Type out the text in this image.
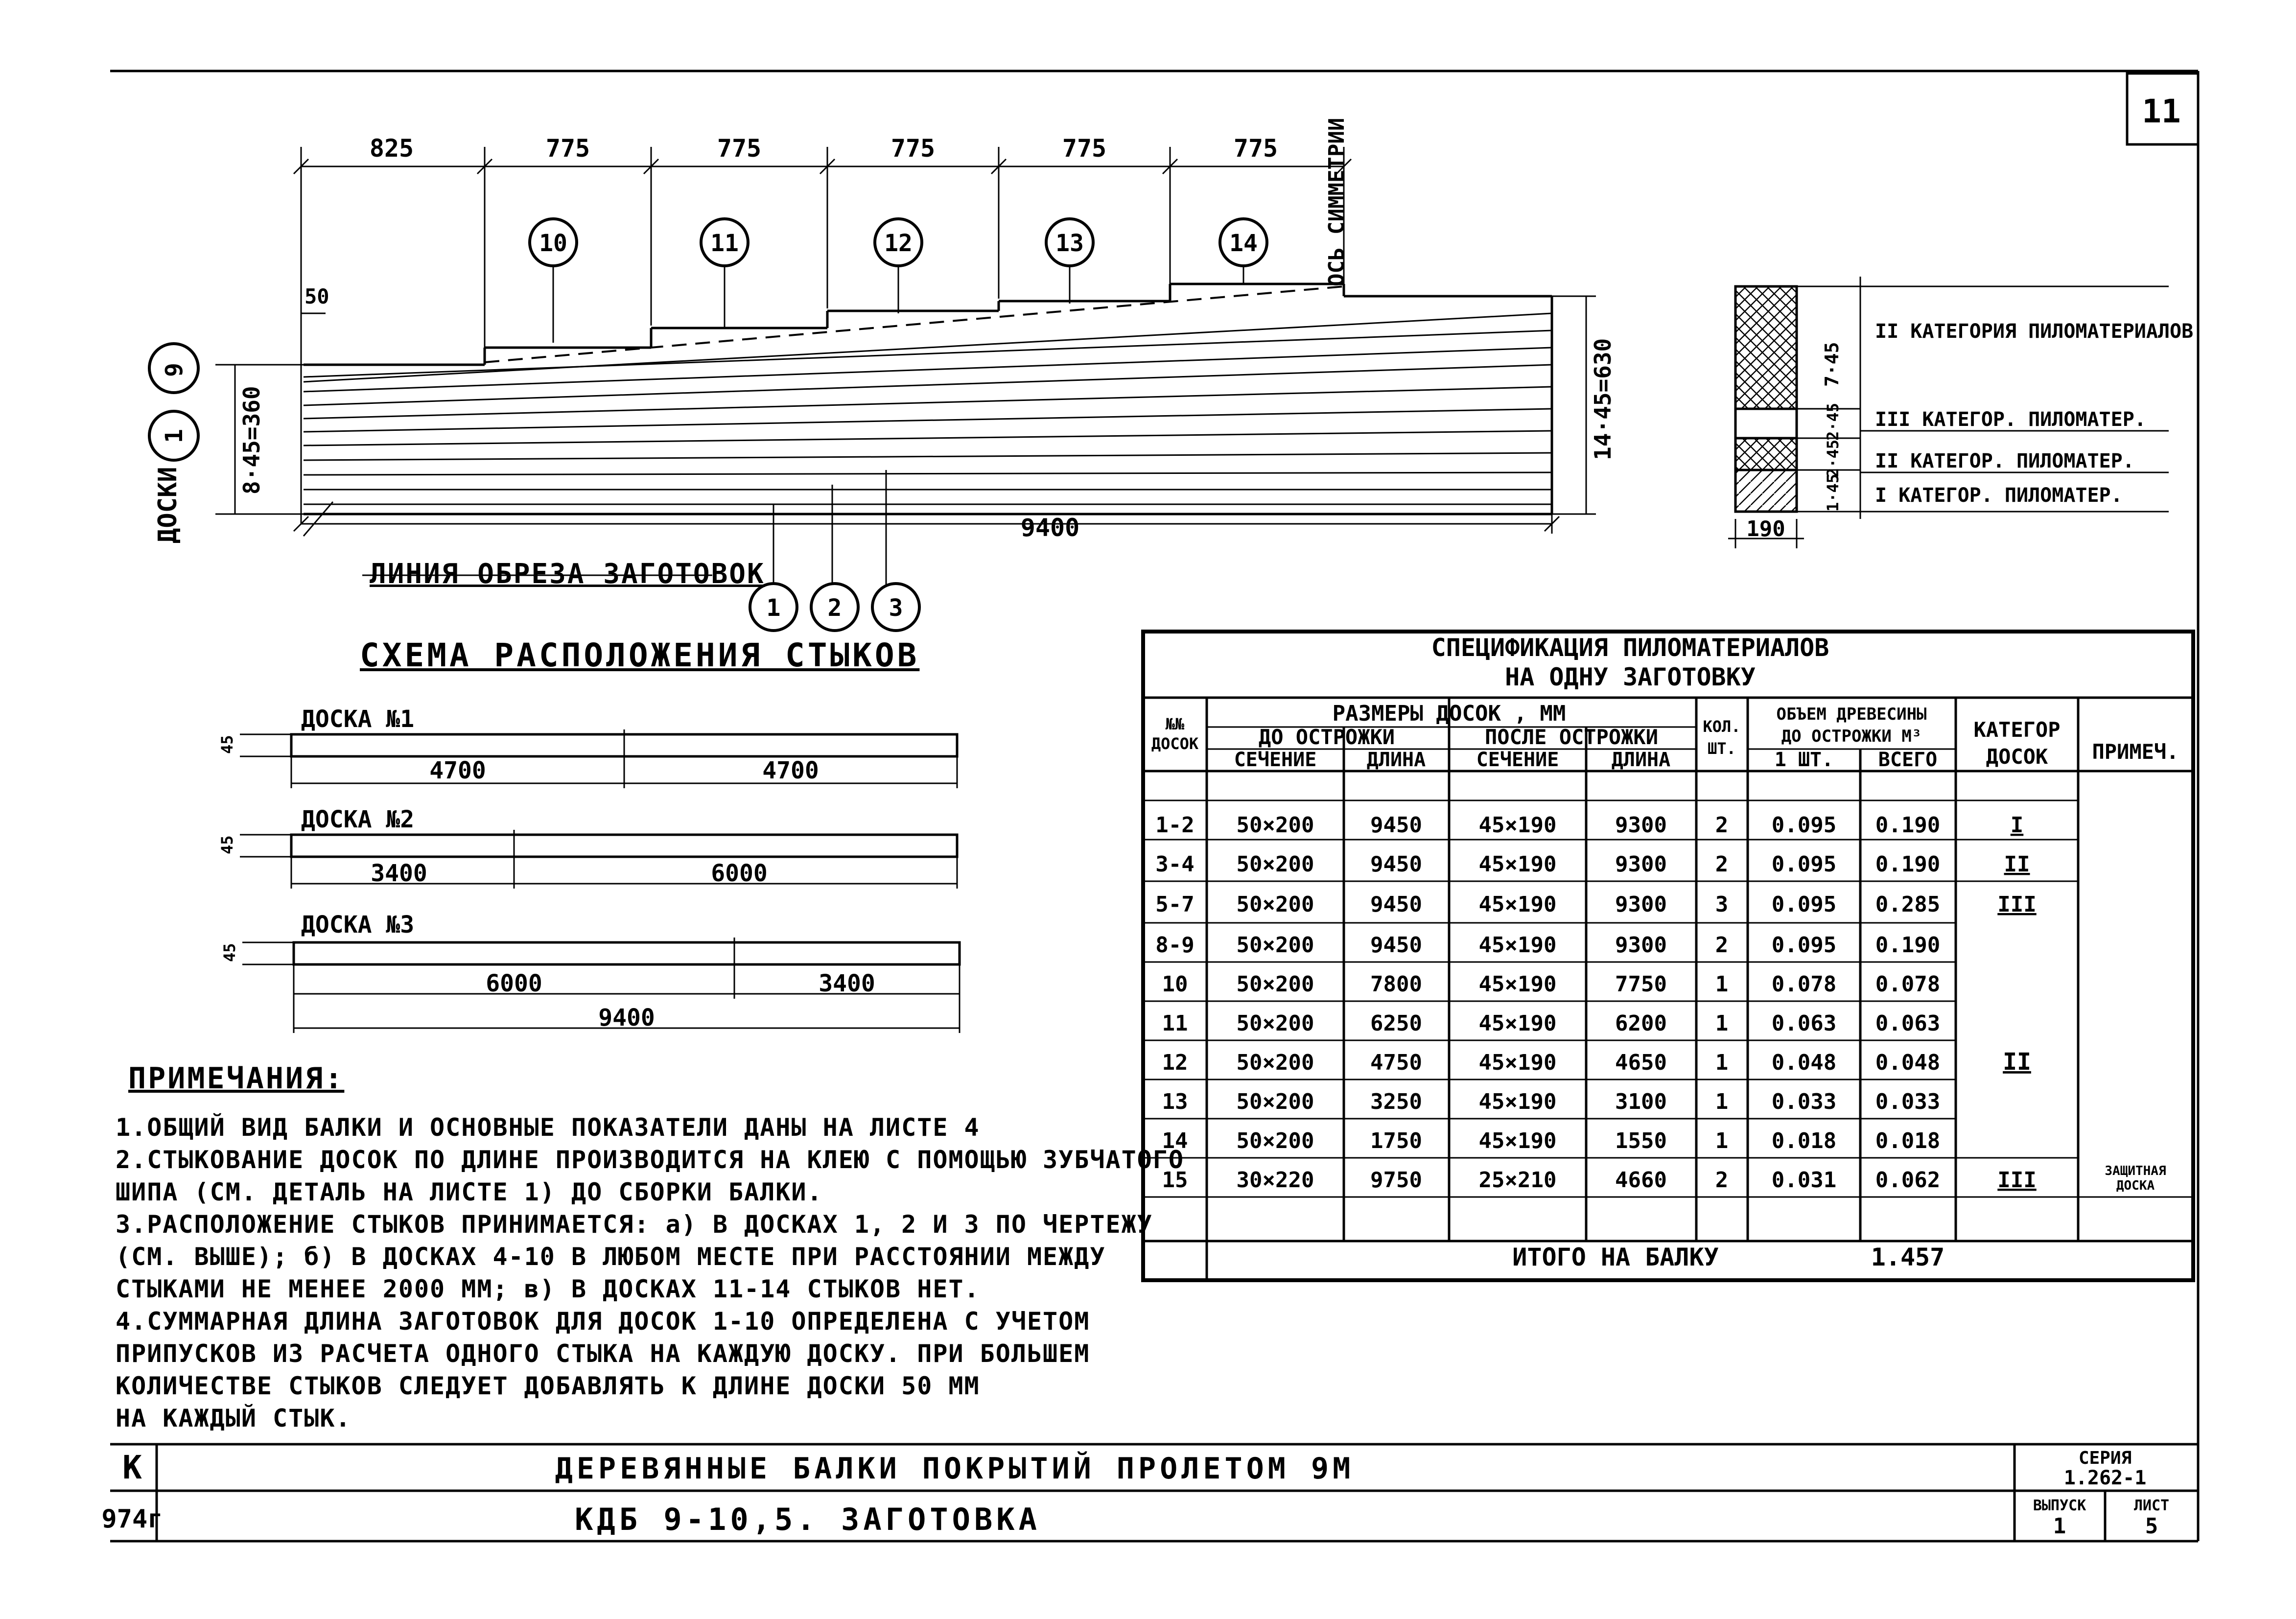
11
825	775	775	775	775	775 ОСЬ СИММЕТРИИ
50
9400
8·45=360
ДОСКИ
14·45=630
10	11	12	13	14
9
1
1 2 3
7·45
2·45
2·45
1·45
190
II КАТЕГОРИЯ ПИЛОМАТЕРИАЛОВ
III КАТЕГОР. ПИЛОМАТЕР.
II КАТЕГОР. ПИЛОМАТЕР.
I КАТЕГОР. ПИЛОМАТЕР.
ДОСКА №1
4700	4700
45
ДОСКА №2
3400	6000
45
ДОСКА №3
6000	3400
9400
45
СПЕЦИФИКАЦИЯ ПИЛОМАТЕРИАЛОВ
НА ОДНУ ЗАГОТОВКУ
№№
ДОСОК
РАЗМЕРЫ ДОСОК , ММ
ДО ОСТРОЖКИ	ПОСЛЕ ОСТРОЖКИ
СЕЧЕНИЕ	ДЛИНА	СЕЧЕНИЕ	ДЛИНА
КОЛ.
ШТ.
ОБЪЕМ ДРЕВЕСИНЫ
ДО ОСТРОЖКИ М³
1 ШТ. ВСЕГО
КАТЕГОР
ДОСОК ПРИМЕЧ.
1-2 50×200	9450	45×190	9300 2 0.095 0.190	I
3-4 50×200	9450	45×190	9300 2 0.095 0.190	II
5-7 50×200	9450	45×190	9300 3 0.095 0.285	III
8-9 50×200	9450	45×190	9300 2 0.095 0.190
10 50×200	7800	45×190	7750 1 0.078 0.078
11 50×200	6250	45×190	6200 1 0.063 0.063
II
12 50×200	4750	45×190	4650 1 0.048 0.048
13 50×200	3250	45×190	3100 1 0.033 0.033
14 50×200	1750	45×190	1550 1 0.018 0.018
15 30×220	9750	25×210	4660 2 0.031 0.062	III	ЗАЩИТНАЯ
ДОСКА
ИТОГО НА БАЛКУ	1.457
К
974г
ДЕРЕВЯННЫЕ БАЛКИ ПОКРЫТИЙ ПРОЛЕТОМ 9М
КДБ 9-10,5. ЗАГОТОВКА
СЕРИЯ
1.262-1
ВЫПУСК
1
ЛИСТ
5
ЛИНИЯ ОБРЕЗА ЗАГОТОВОК
СХЕМА РАСПОЛОЖЕНИЯ СТЫКОВ
ПРИМЕЧАНИЯ:
1.ОБЩИЙ ВИД БАЛКИ И ОСНОВНЫЕ ПОКАЗАТЕЛИ ДАНЫ НА ЛИСТЕ 4
2.СТЫКОВАНИЕ ДОСОК ПО ДЛИНЕ ПРОИЗВОДИТСЯ НА КЛЕЮ С ПОМОЩЬЮ ЗУБЧАТОГО
ШИПА (СМ. ДЕТАЛЬ НА ЛИСТЕ 1) ДО СБОРКИ БАЛКИ.
3.РАСПОЛОЖЕНИЕ СТЫКОВ ПРИНИМАЕТСЯ: а) В ДОСКАХ 1, 2 И 3 ПО ЧЕРТЕЖУ
(СМ. ВЫШЕ); б) В ДОСКАХ 4-10 В ЛЮБОМ МЕСТЕ ПРИ РАССТОЯНИИ МЕЖДУ
СТЫКАМИ НЕ МЕНЕЕ 2000 ММ; в) В ДОСКАХ 11-14 СТЫКОВ НЕТ.
4.СУММАРНАЯ ДЛИНА ЗАГОТОВОК ДЛЯ ДОСОК 1-10 ОПРЕДЕЛЕНА С УЧЕТОМ
ПРИПУСКОВ ИЗ РАСЧЕТА ОДНОГО СТЫКА НА КАЖДУЮ ДОСКУ. ПРИ БОЛЬШЕМ
КОЛИЧЕСТВЕ СТЫКОВ СЛЕДУЕТ ДОБАВЛЯТЬ К ДЛИНЕ ДОСКИ 50 ММ
НА КАЖДЫЙ СТЫК.
